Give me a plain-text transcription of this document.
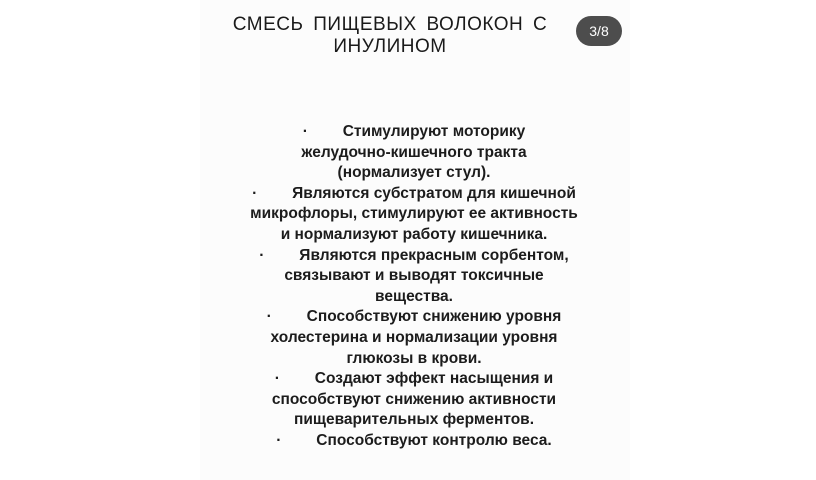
СМЕСЬ ПИЩЕВЫХ ВОЛОКОН С ИНУЛИНОМ
3/8
· Стимулируют моторику
желудочно-кишечного тракта
(нормализует стул).
· Являются субстратом для кишечной
микрофлоры, стимулируют ее активность
и нормализуют работу кишечника.
· Являются прекрасным сорбентом,
связывают и выводят токсичные
вещества.
· Способствуют снижению уровня
холестерина и нормализации уровня
глюкозы в крови.
· Создают эффект насыщения и
способствуют снижению активности
пищеварительных ферментов.
· Способствуют контролю веса.
